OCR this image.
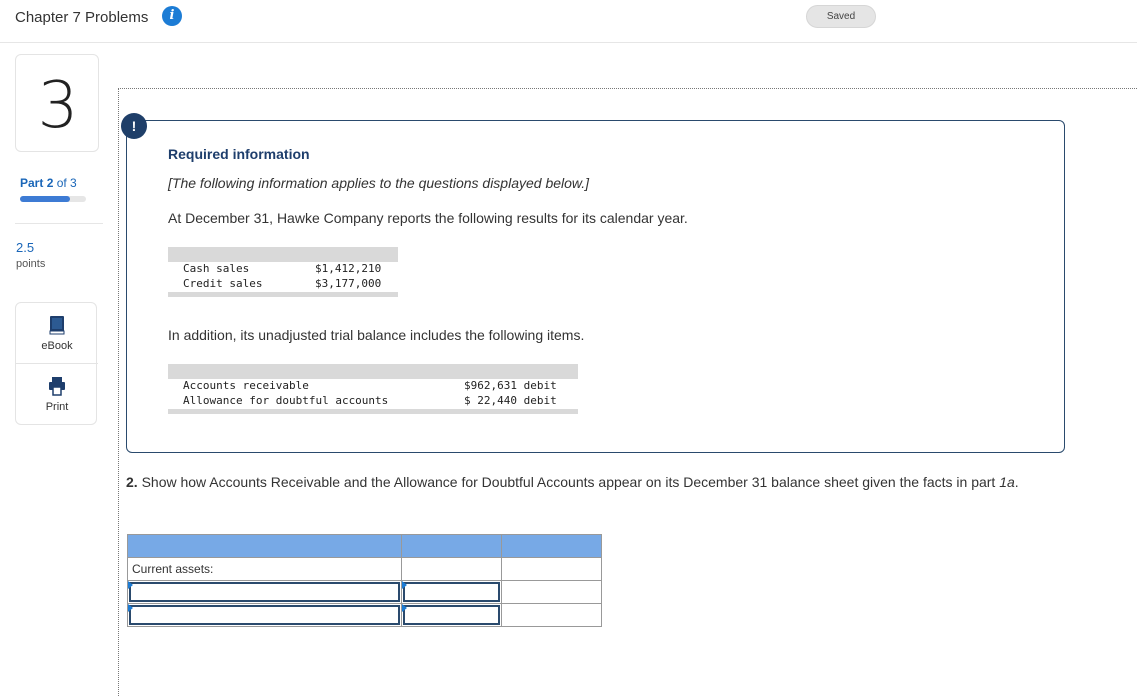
Chapter 7 Problems	i	Saved
3
Part 2 of 3
2.5
points
eBook
Print
!
Required information
[The following information applies to the questions displayed below.]
At December 31, Hawke Company reports the following results for its calendar year.
Cash sales	$1,412,210
Credit sales	$3,177,000
In addition, its unadjusted trial balance includes the following items.
Accounts receivable	$962,631 debit
Allowance for doubtful accounts	$ 22,440 debit
2. Show how Accounts Receivable and the Allowance for Doubtful Accounts appear on its December 31 balance sheet given the facts in part 1a.

Current assets:		
